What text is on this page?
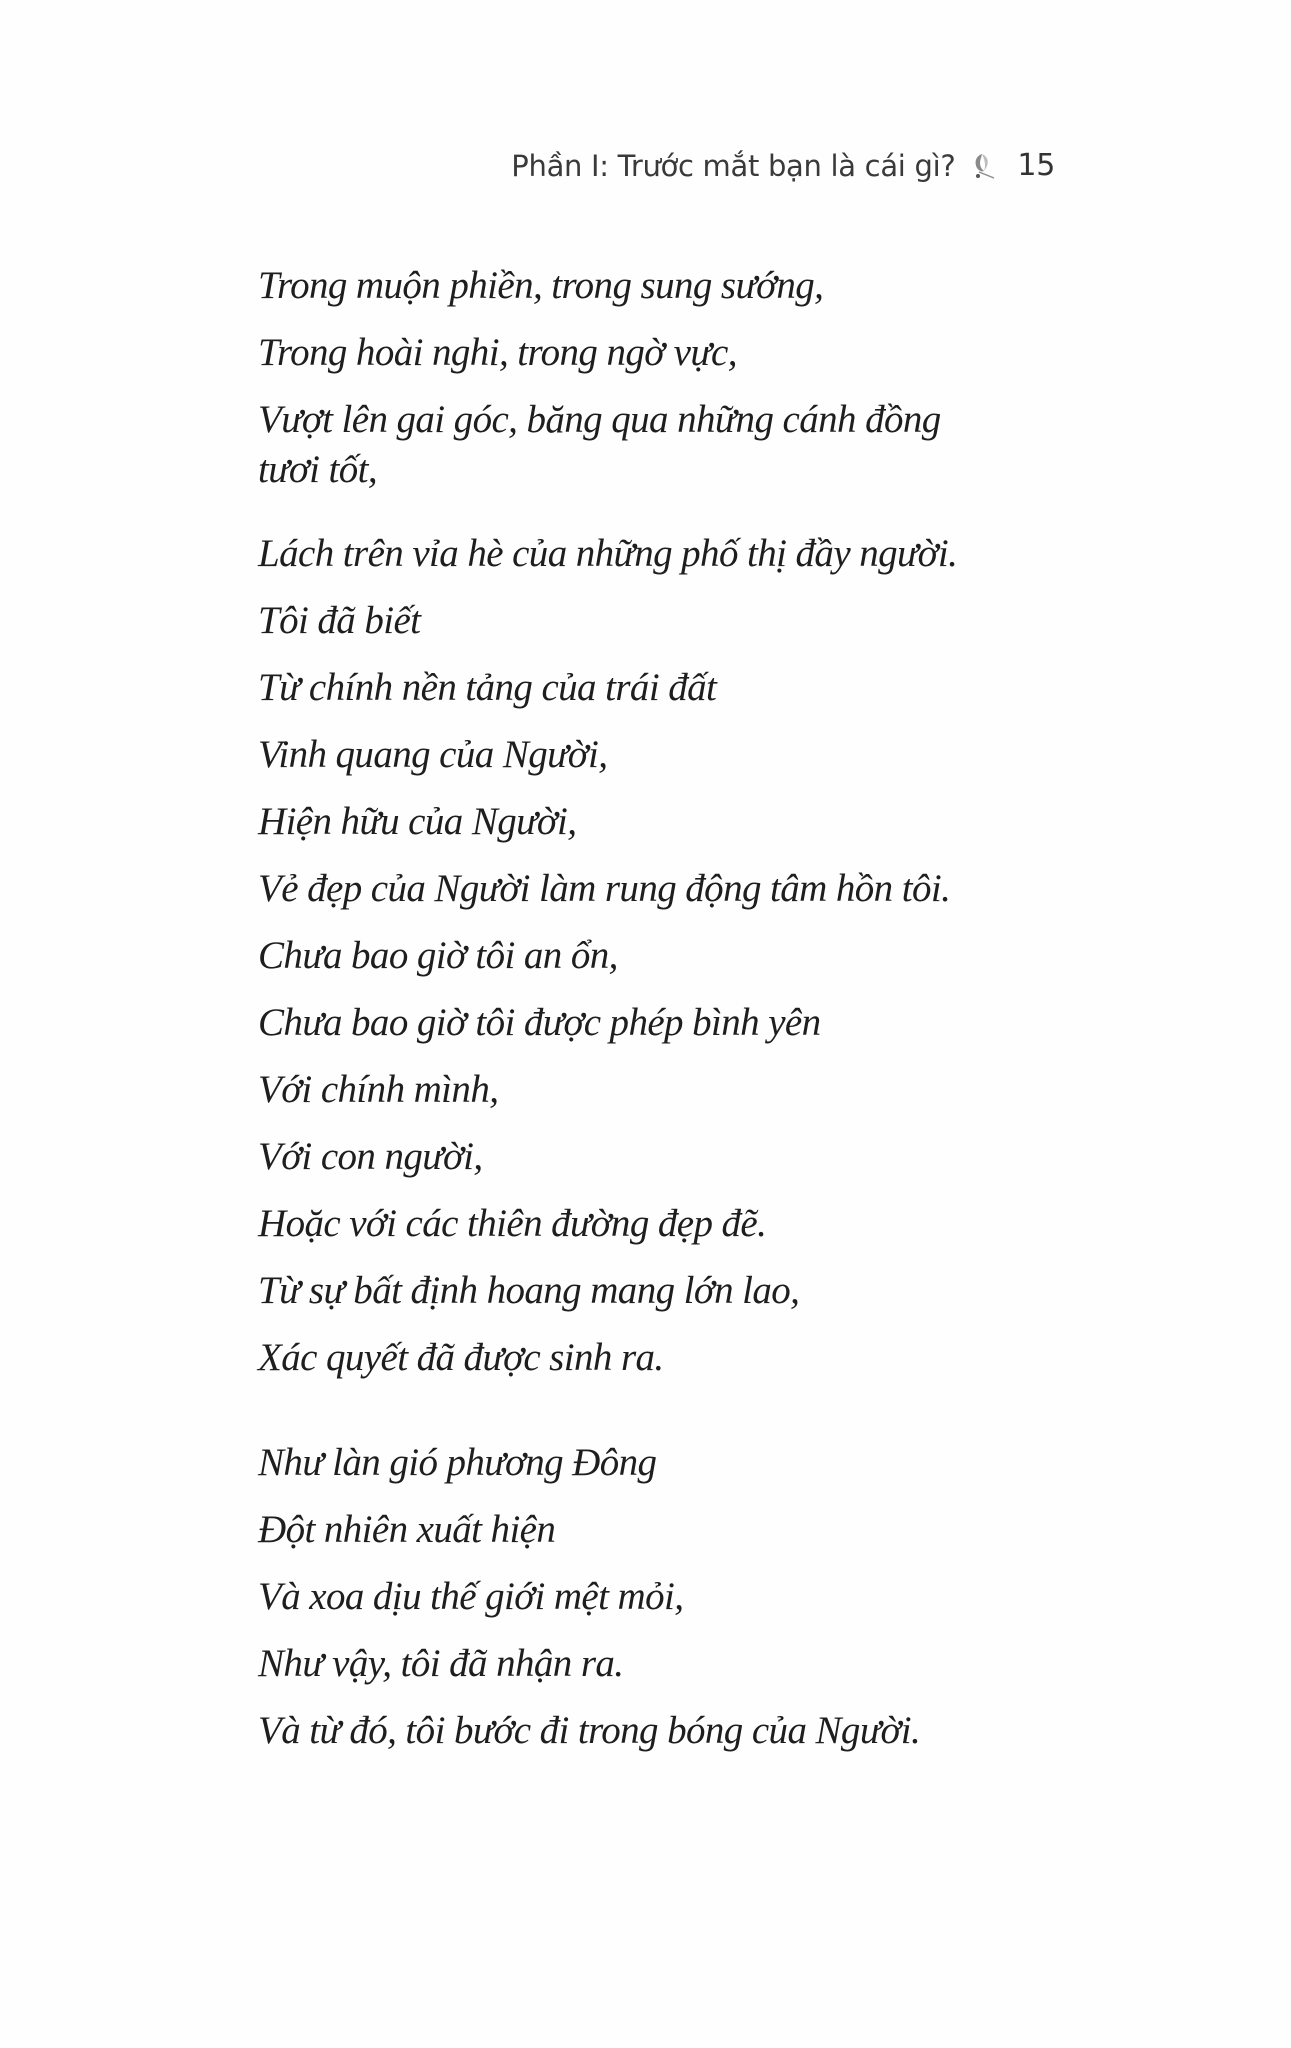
Phần I: Trước mắt bạn là cái gì? 15
Trong muộn phiền, trong sung sướng,
Trong hoài nghi, trong ngờ vực,
Vượt lên gai góc, băng qua những cánh đồng
tươi tốt,
Lách trên vỉa hè của những phố thị đầy người.
Tôi đã biết
Từ chính nền tảng của trái đất
Vinh quang của Người,
Hiện hữu của Người,
Vẻ đẹp của Người làm rung động tâm hồn tôi.
Chưa bao giờ tôi an ổn,
Chưa bao giờ tôi được phép bình yên
Với chính mình,
Với con người,
Hoặc với các thiên đường đẹp đẽ.
Từ sự bất định hoang mang lớn lao,
Xác quyết đã được sinh ra.
Như làn gió phương Đông
Đột nhiên xuất hiện
Và xoa dịu thế giới mệt mỏi,
Như vậy, tôi đã nhận ra.
Và từ đó, tôi bước đi trong bóng của Người.
